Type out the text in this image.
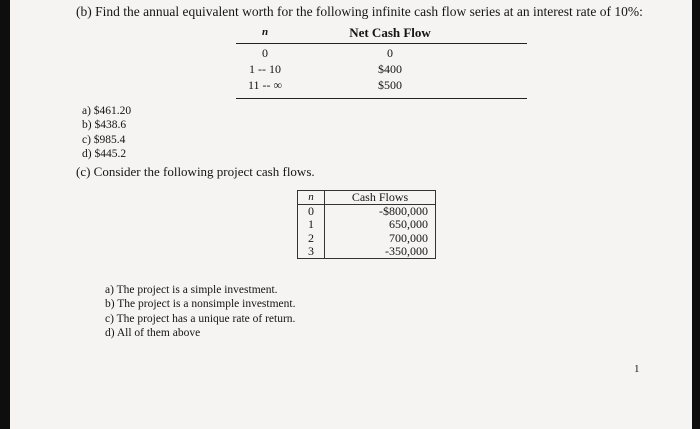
(b) Find the annual equivalent worth for the following infinite cash flow series at an interest rate of 10%:
n	Net Cash Flow
0	0
1 -- 10	$400
11 -- ∞	$500
a) $461.20
b) $438.6
c) $985.4
d) $445.2
(c) Consider the following project cash flows.
n	Cash Flows
0	-$800,000
1	650,000
2	700,000
3	-350,000
a) The project is a simple investment.
b) The project is a nonsimple investment.
c) The project has a unique rate of return.
d) All of them above
1
